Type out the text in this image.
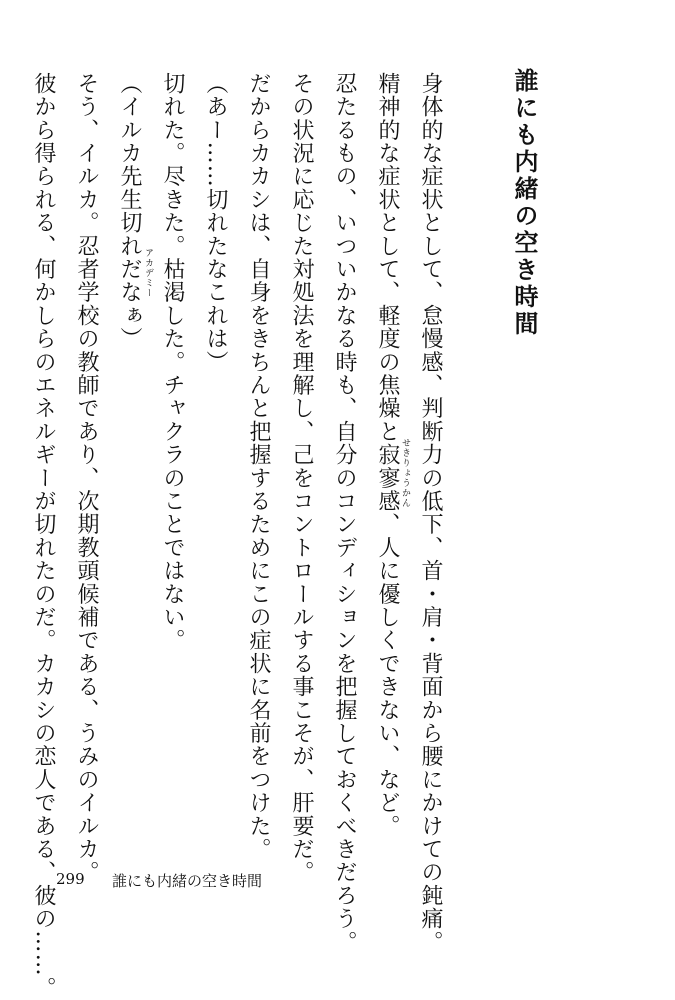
誰にも内緒の空き時間
身体的な症状として、怠慢感、判断力の低下、首・肩・背面から腰にかけての鈍痛。
精神的な症状として、軽度の焦燥と寂寥感、人に優しくできない、など。
忍たるもの、いついかなる時も、自分のコンディションを把握しておくべきだろう。
その状況に応じた対処法を理解し、己をコントロールする事こそが、肝要だ。
だからカカシは、自身をきちんと把握するためにこの症状に名前をつけた。
（あー……切れたなこれは）
切れた。尽きた。枯渇した。チャクラのことではない。
（イルカ先生切れだなぁ）
そう、イルカ。忍者学校の教師であり、次期教頭候補である、うみのイルカ。
彼から得られる、何かしらのエネルギーが切れたのだ。カカシの恋人である、彼の……。	せきりょうかん
アカデミー
299 誰にも内緒の空き時間
